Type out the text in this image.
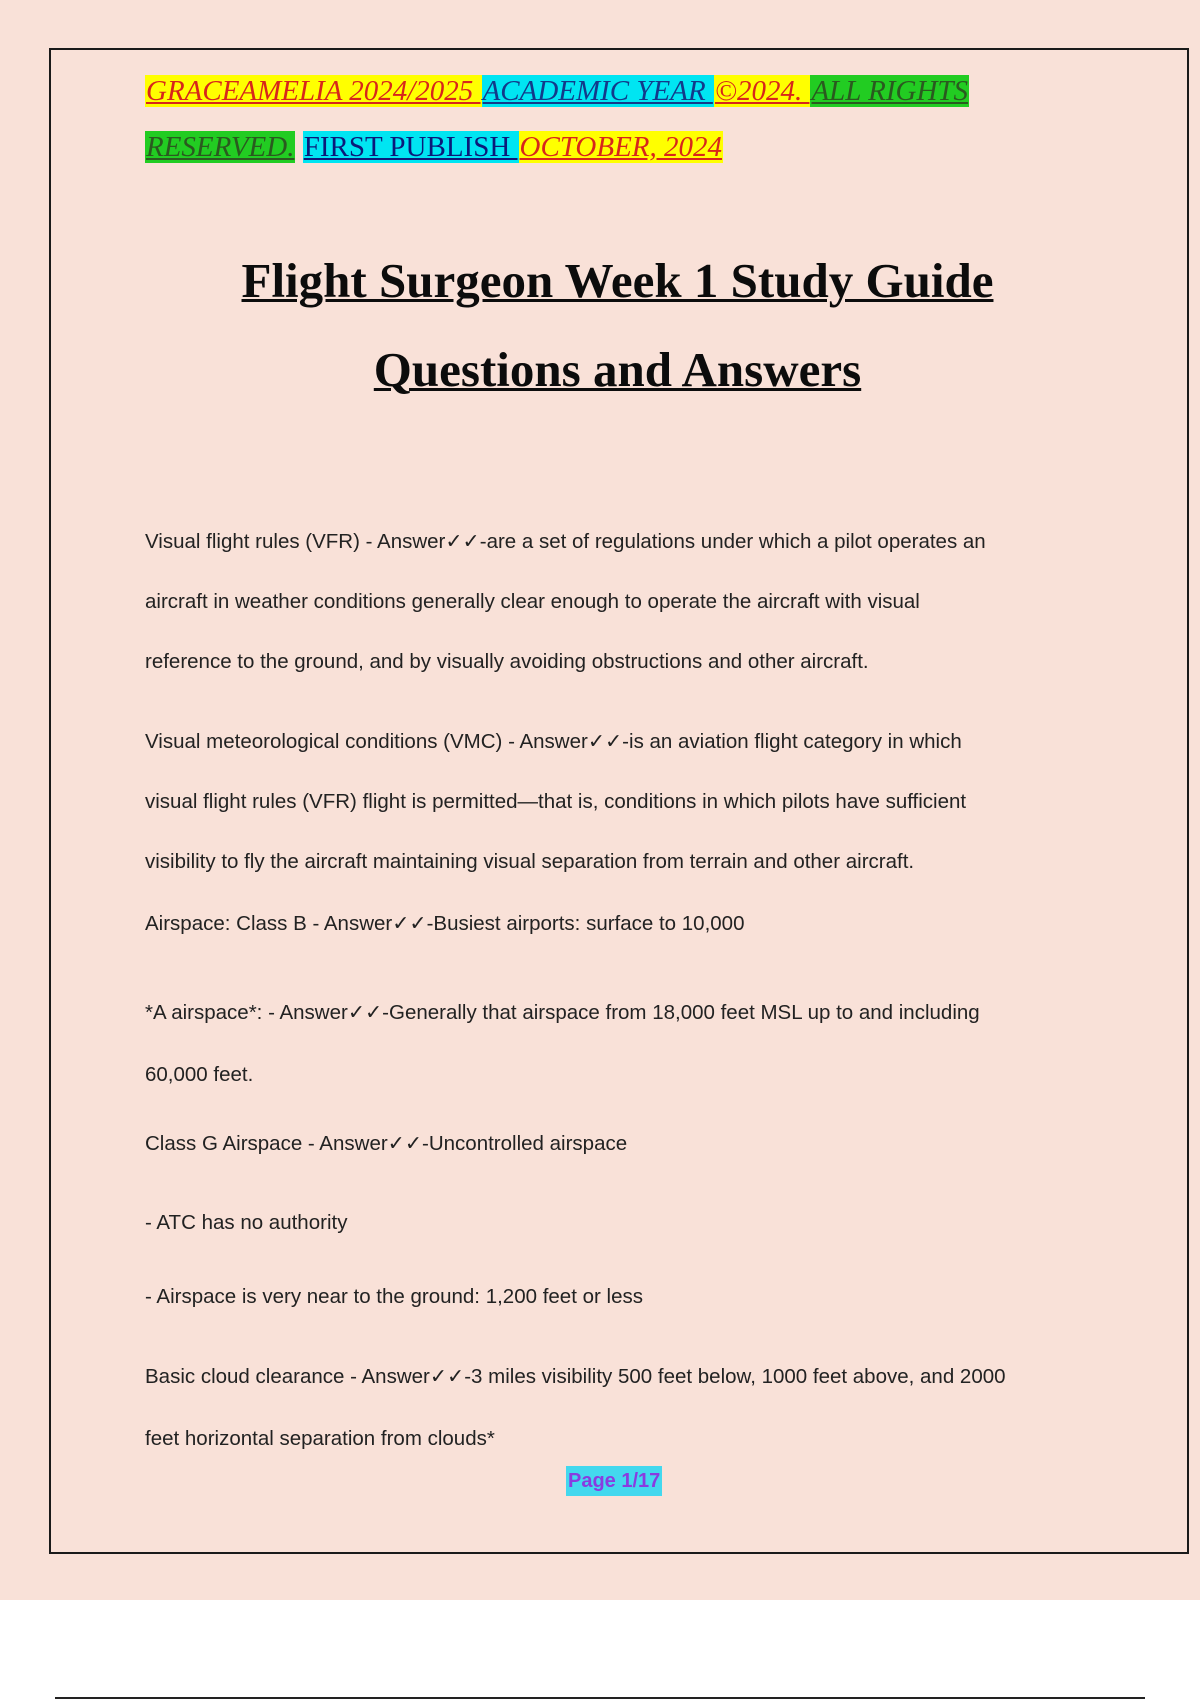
GRACEAMELIA 2024/2025 ACADEMIC YEAR ©2024. ALL RIGHTS
RESERVED. FIRST PUBLISH OCTOBER, 2024
Flight Surgeon Week 1 Study Guide
Questions and Answers

Visual flight rules (VFR) - Answer✓✓-are a set of regulations under which a pilot operates an

aircraft in weather conditions generally clear enough to operate the aircraft with visual

reference to the ground, and by visually avoiding obstructions and other aircraft.

Visual meteorological conditions (VMC) - Answer✓✓-is an aviation flight category in which

visual flight rules (VFR) flight is permitted—that is, conditions in which pilots have sufficient

visibility to fly the aircraft maintaining visual separation from terrain and other aircraft.

Airspace: Class B - Answer✓✓-Busiest airports: surface to 10,000

*A airspace*: - Answer✓✓-Generally that airspace from 18,000 feet MSL up to and including

60,000 feet.

Class G Airspace - Answer✓✓-Uncontrolled airspace

- ATC has no authority

- Airspace is very near to the ground: 1,200 feet or less

Basic cloud clearance - Answer✓✓-3 miles visibility 500 feet below, 1000 feet above, and 2000

feet horizontal separation from clouds*

Page 1/17
